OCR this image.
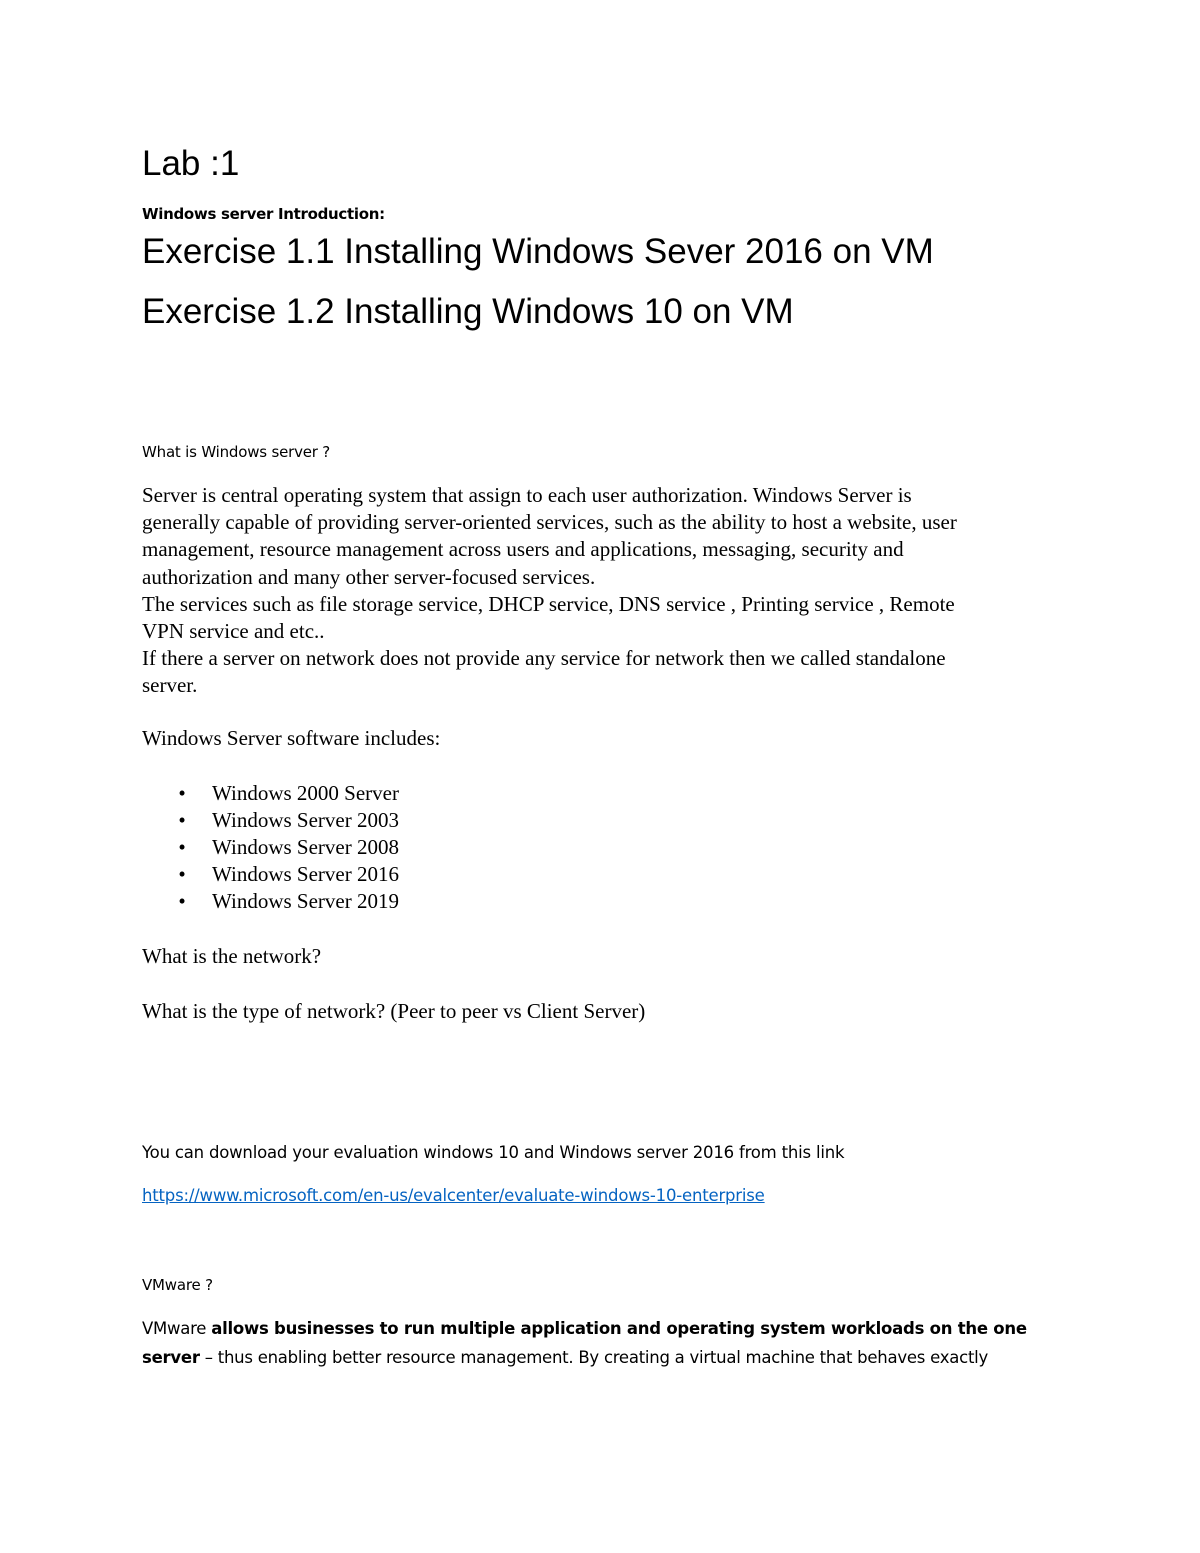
Lab :1
Windows server Introduction:
Exercise 1.1 Installing Windows Sever 2016 on VM
Exercise 1.2 Installing Windows 10 on VM
What is Windows server ?
Server is central operating system that assign to each user authorization. Windows Server is
generally capable of providing server-oriented services, such as the ability to host a website, user
management, resource management across users and applications, messaging, security and
authorization and many other server-focused services.
The services such as file storage service, DHCP service, DNS service , Printing service , Remote
VPN service and etc..
If there a server on network does not provide any service for network then we called standalone
server.
Windows Server software includes:
• Windows 2000 Server
• Windows Server 2003
• Windows Server 2008
• Windows Server 2016
• Windows Server 2019
What is the network?
What is the type of network? (Peer to peer vs Client Server)
You can download your evaluation windows 10 and Windows server 2016 from this link
https://www.microsoft.com/en-us/evalcenter/evaluate-windows-10-enterprise
VMware ?
VMware allows businesses to run multiple application and operating system workloads on the one
server – thus enabling better resource management. By creating a virtual machine that behaves exactly
